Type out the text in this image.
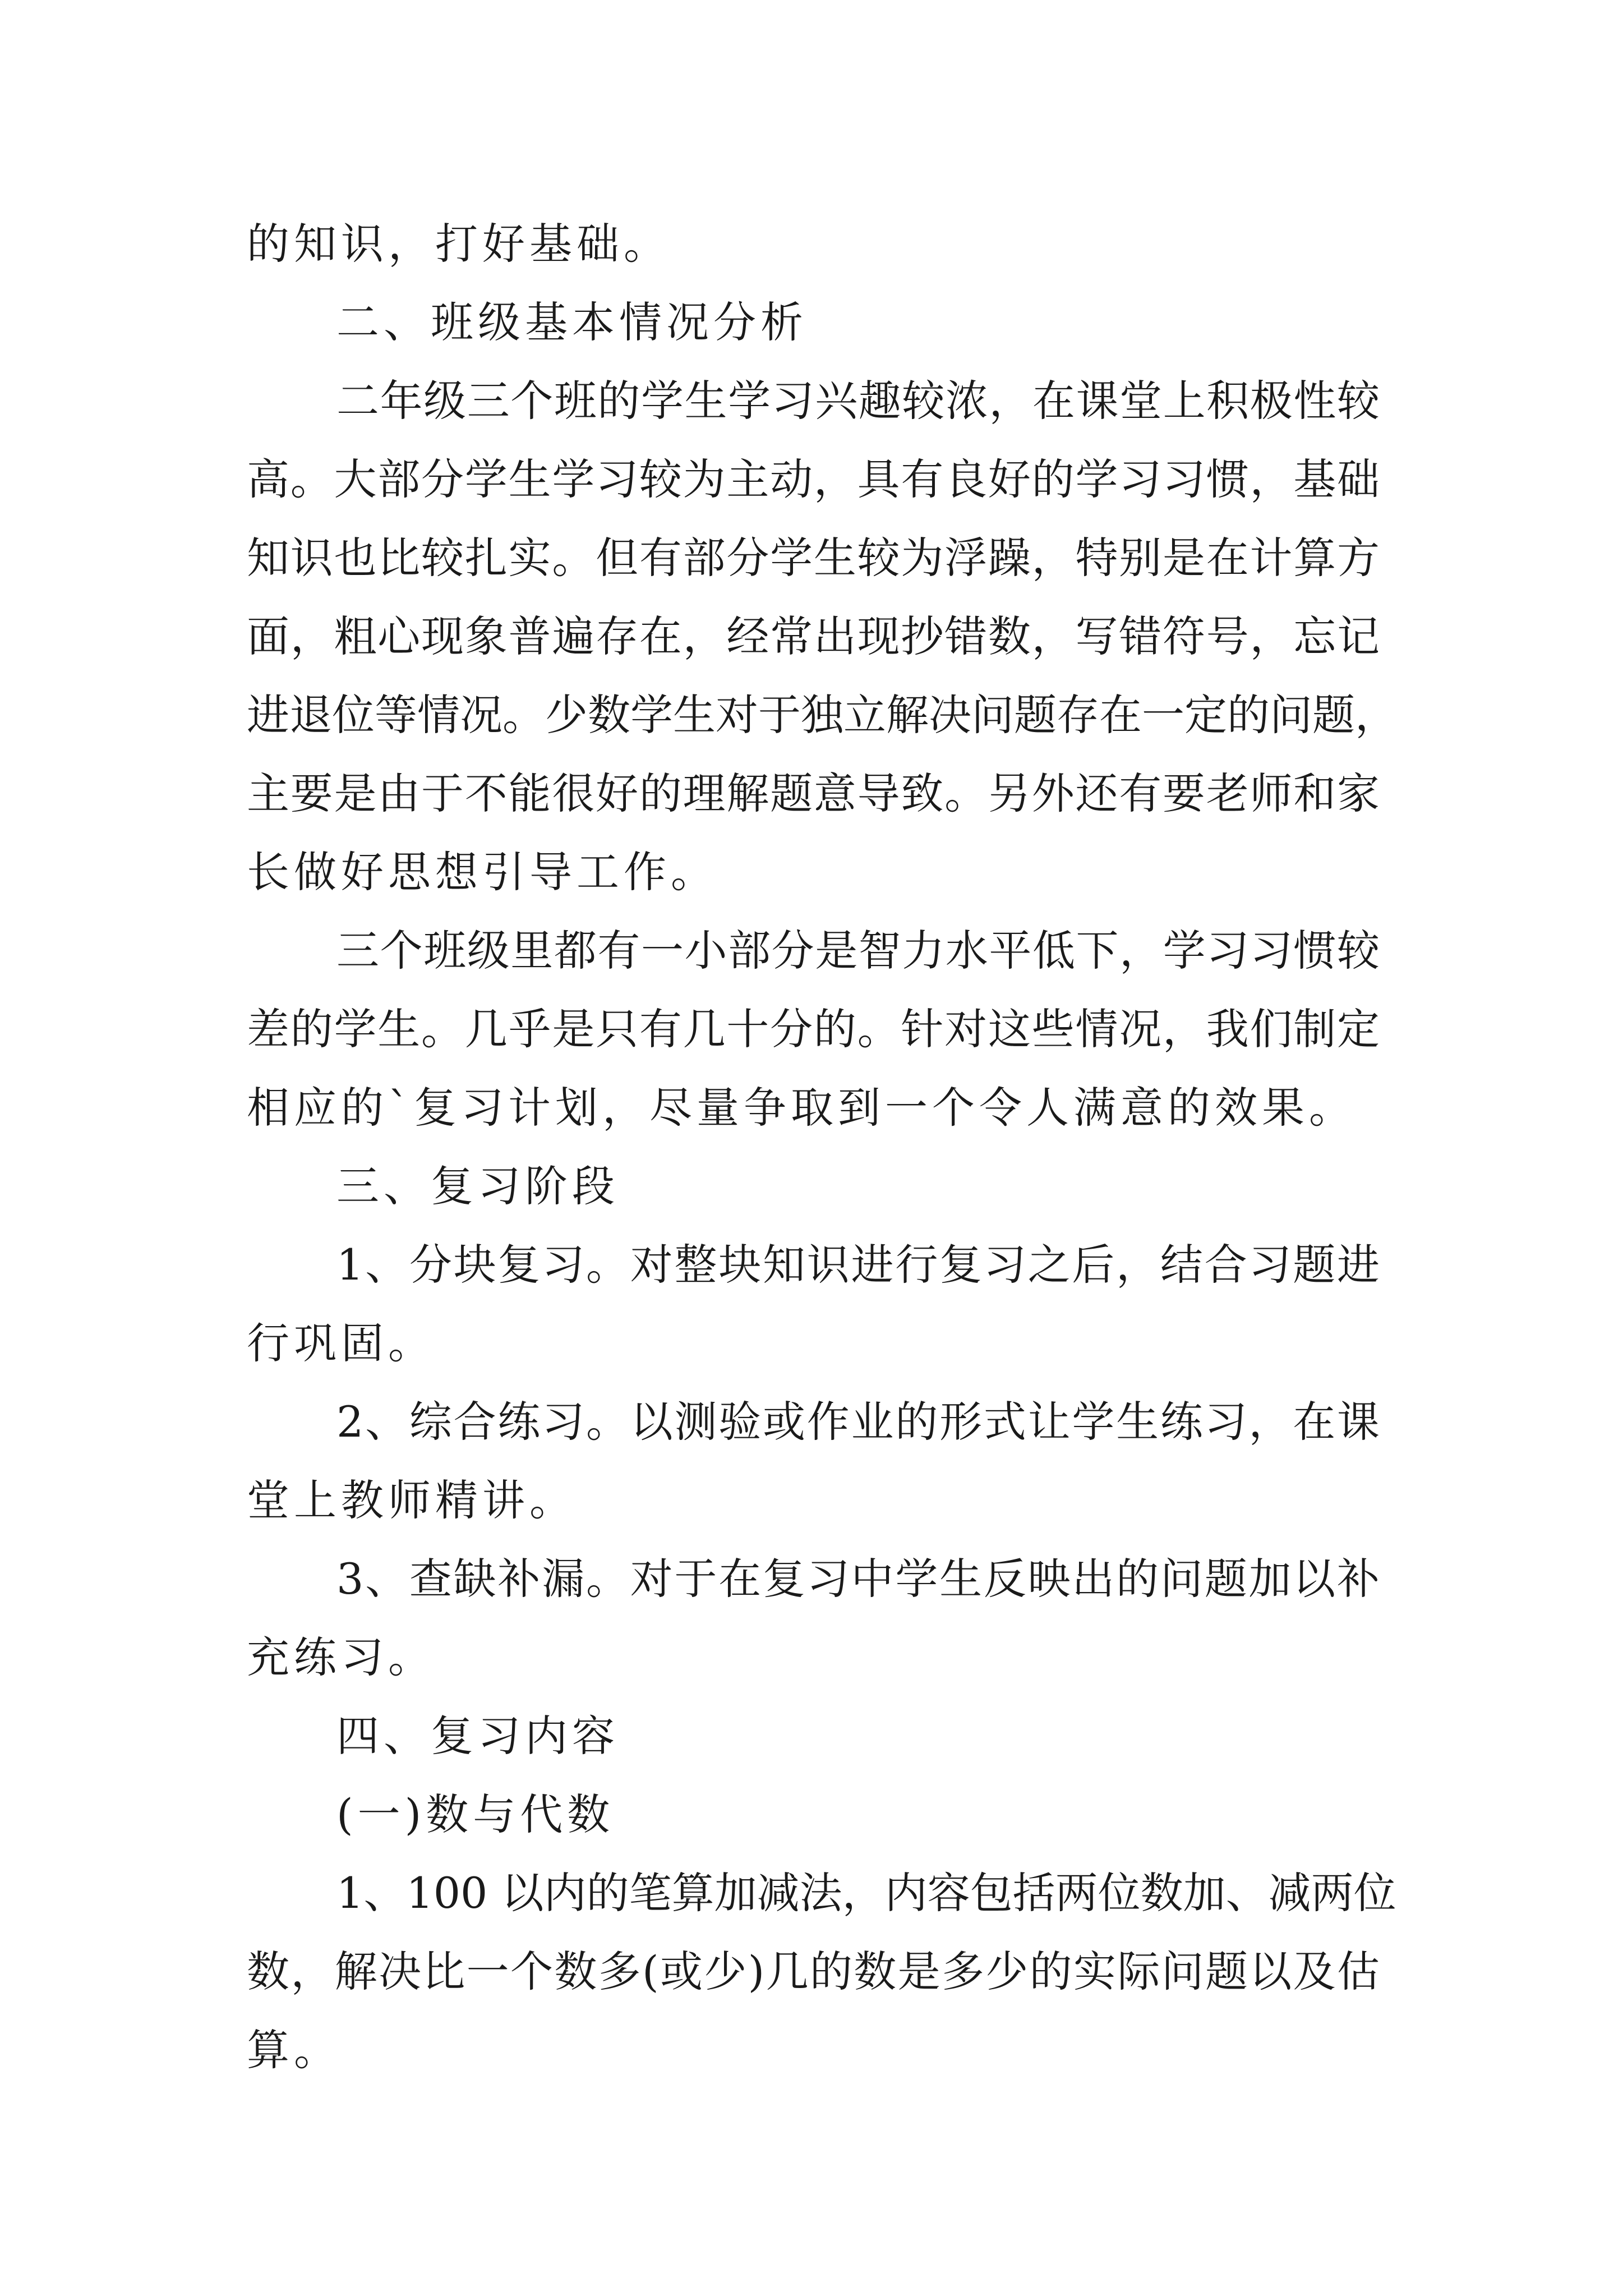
的知识，打好基础。
二、班级基本情况分析
二年级三个班的学生学习兴趣较浓，在课堂上积极性较
高。大部分学生学习较为主动，具有良好的学习习惯，基础
知识也比较扎实。但有部分学生较为浮躁，特别是在计算方
面，粗心现象普遍存在，经常出现抄错数，写错符号，忘记
进退位等情况。少数学生对于独立解决问题存在一定的问题，
主要是由于不能很好的理解题意导致。另外还有要老师和家
长做好思想引导工作。
三个班级里都有一小部分是智力水平低下，学习习惯较
差的学生。几乎是只有几十分的。针对这些情况，我们制定
相应的`复习计划，尽量争取到一个令人满意的效果。
三、复习阶段
1、分块复习。对整块知识进行复习之后，结合习题进
行巩固。
2、综合练习。以测验或作业的形式让学生练习，在课
堂上教师精讲。
3、查缺补漏。对于在复习中学生反映出的问题加以补
充练习。
四、复习内容
(一)数与代数
1、100 以内的笔算加减法，内容包括两位数加、减两位
数，解决比一个数多(或少)几的数是多少的实际问题以及估
算。
